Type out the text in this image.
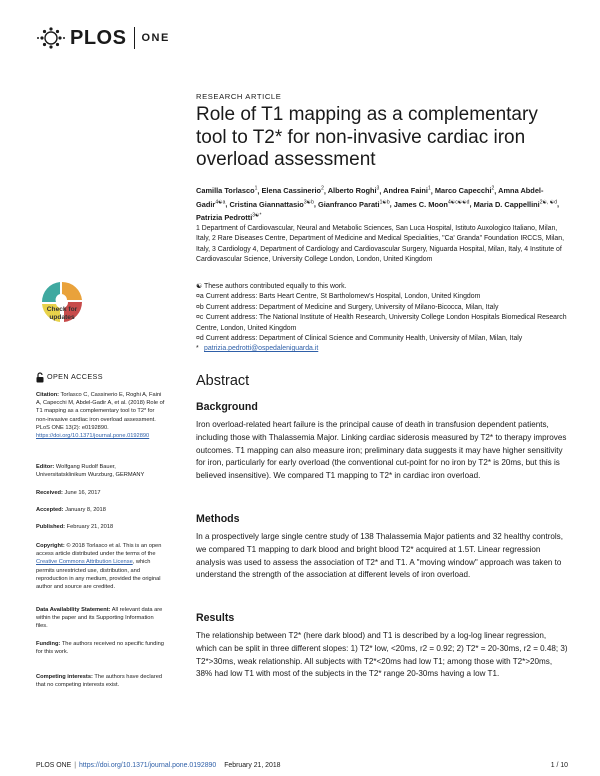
PLOS ONE
RESEARCH ARTICLE
Role of T1 mapping as a complementary tool to T2* for non-invasive cardiac iron overload assessment
Camilla Torlasco$^1$, Elena Cassinerio$^2$, Alberto Roghi$^3$, Andrea Faini$^1$, Marco Capecchi$^2$, Amna Abdel-Gadir$^{4☯a}$, Cristina Giannattasio$^{3☯b}$, Gianfranco Parati$^{1☯b}$, James C. Moon$^{4☯c☯☯d}$, Maria D. Cappellini$^{2☯, ☯d}$, Patrizia Pedrotti$^{3☯*}$
1 Department of Cardiovascular, Neural and Metabolic Sciences, San Luca Hospital, Istituto Auxologico Italiano, Milan, Italy, 2 Rare Diseases Centre, Department of Medicine and Medical Specialities, "Ca' Granda" Foundation IRCCS, Milan, Italy, 3 Cardiology 4, Department of Cardiology and Cardiovascular Surgery, Niguarda Hospital, Milan, Italy, 4 Institute of Cardiovascular Science, University College London, London, United Kingdom
☯ These authors contributed equally to this work.
¤a Current address: Barts Heart Centre, St Bartholomew's Hospital, London, United Kingdom
¤b Current address: Department of Medicine and Surgery, University of Milano-Bicocca, Milan, Italy
¤c Current address: The National Institute of Health Research, University College London Hospitals Biomedical Research Centre, London, United Kingdom
¤d Current address: Department of Clinical Science and Community Health, University of Milan, Milan, Italy
* patrizia.pedrotti@ospedaleniguarda.it
Abstract
Background

Iron overload-related heart failure is the principal cause of death in transfusion dependent patients, including those with Thalassemia Major. Linking cardiac siderosis measured by T2* to therapy improves outcomes. T1 mapping can also measure iron; preliminary data suggests it may have higher sensitivity for iron, particularly for early overload (the conventional cut-point for no iron by T2* is 20ms, but this is believed insensitive). We compared T1 mapping to T2* in cardiac iron overload.

Methods

In a prospectively large single centre study of 138 Thalassemia Major patients and 32 healthy controls, we compared T1 mapping to dark blood and bright blood T2* acquired at 1.5T. Linear regression analysis was used to assess the association of T2* and T1. A "moving window" approach was taken to understand the strength of the association at different levels of iron overload.

Results

The relationship between T2* (here dark blood) and T1 is described by a log-log linear regression, which can be split in three different slopes: 1) T2* low, <20ms, r2 = 0.92; 2) T2* = 20-30ms, r2 = 0.48; 3) T2*>30ms, weak relationship. All subjects with T2*<20ms had low T1; among those with T2*>20ms, 38% had low T1 with most of the subjects in the T2* range 20-30ms having a low T1.

Check for updates
OPEN ACCESS
Citation: Torlasco C, Cassinerio E, Roghi A, Faini A, Capecchi M, Abdel-Gadir A, et al. (2018) Role of T1 mapping as a complementary tool to T2* for non-invasive cardiac iron overload assessment. PLoS ONE 13(2): e0192890. https://doi.org/10.1371/journal.pone.0192890
Editor: Wolfgang Rudolf Bauer, Universitatsklinikum Wurzburg, GERMANY
Received: June 16, 2017
Accepted: January 8, 2018
Published: February 21, 2018
Copyright: © 2018 Torlasco et al. This is an open access article distributed under the terms of the Creative Commons Attribution License, which permits unrestricted use, distribution, and reproduction in any medium, provided the original author and source are credited.
Data Availability Statement: All relevant data are within the paper and its Supporting Information files.
Funding: The authors received no specific funding for this work.
Competing interests: The authors have declared that no competing interests exist.
PLOS ONE | https://doi.org/10.1371/journal.pone.0192890 February 21, 2018	1 / 10
